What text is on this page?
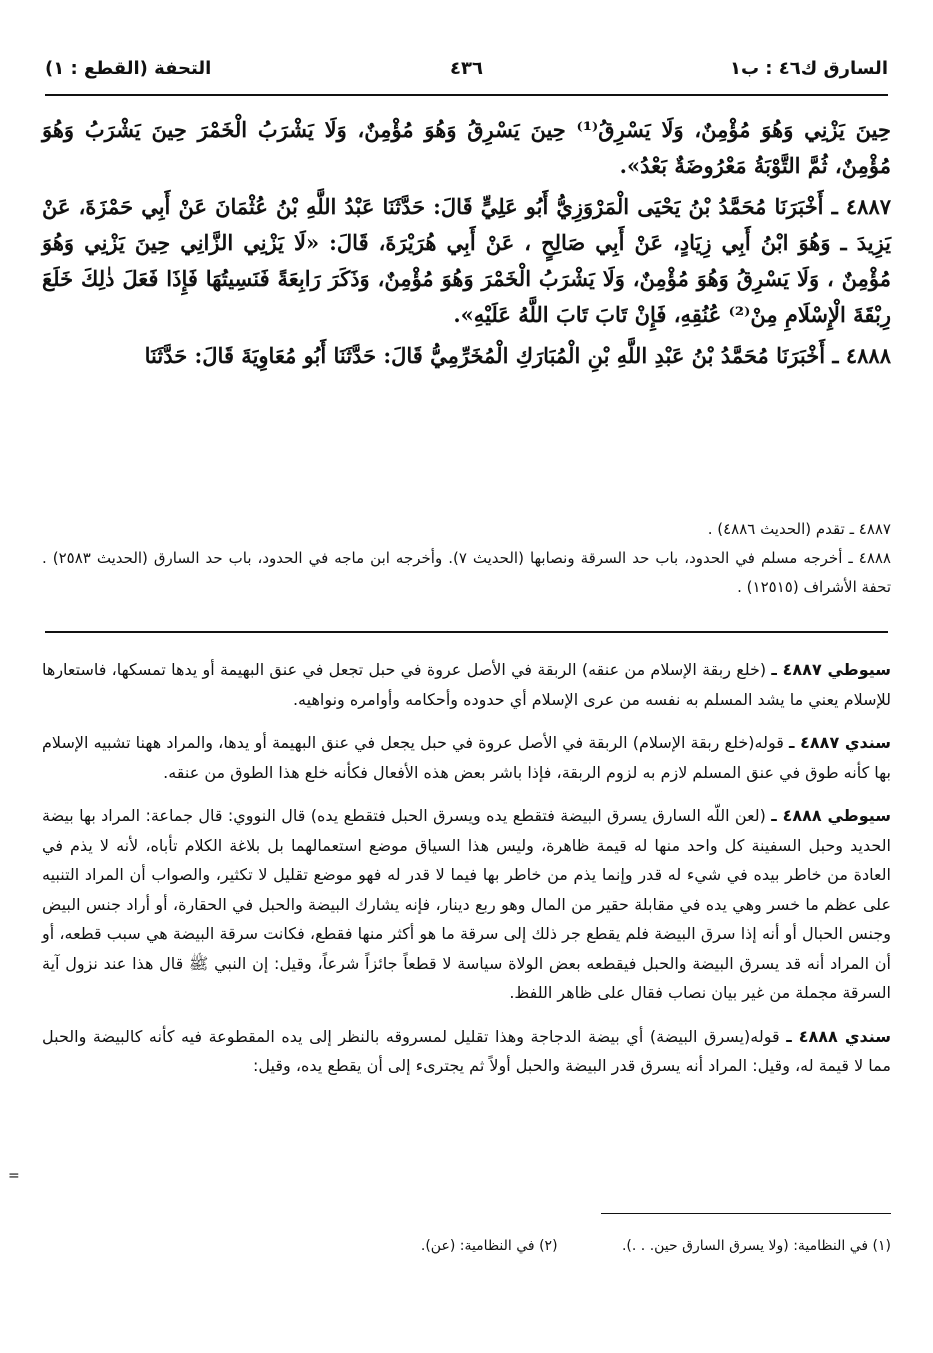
السارق ك٤٦ : ب١
٤٣٦
التحفة (القطع : ١)

حِينَ يَزْنِي وَهُوَ مُؤْمِنٌ، وَلَا يَسْرِقُ⁽¹⁾ حِينَ يَسْرِقُ وَهُوَ مُؤْمِنٌ، وَلَا يَشْرَبُ الْخَمْرَ حِينَ يَشْرَبُ وَهُوَ مُؤْمِنٌ، ثُمَّ التَّوْبَةُ مَعْرُوضَةٌ بَعْدُ».

٤٨٨٧ ـ أَخْبَرَنَا مُحَمَّدُ بْنُ يَحْيَى الْمَرْوَزِيُّ أَبُو عَلِيٍّ قَالَ: حَدَّثَنَا عَبْدُ اللَّهِ بْنُ عُثْمَانَ عَنْ أَبِي حَمْزَةَ، عَنْ يَزِيدَ ـ وَهُوَ ابْنُ أَبِي زِيَادٍ، عَنْ أَبِي صَالِحٍ ، عَنْ أَبِي هُرَيْرَةَ، قَالَ: «لَا يَزْنِي الزَّانِي حِينَ يَزْنِي وَهُوَ مُؤْمِنٌ ، وَلَا يَسْرِقُ وَهُوَ مُؤْمِنٌ، وَلَا يَشْرَبُ الْخَمْرَ وَهُوَ مُؤْمِنٌ، وَذَكَرَ رَابِعَةً فَنَسِيتُهَا فَإِذَا فَعَلَ ذٰلِكَ خَلَعَ رِبْقَةَ الْإِسْلَامِ مِنْ⁽²⁾ عُنُقِهِ، فَإِنْ تَابَ تَابَ اللَّهُ عَلَيْهِ».

٤٨٨٨ ـ أَخْبَرَنَا مُحَمَّدُ بْنُ عَبْدِ اللَّهِ بْنِ الْمُبَارَكِ الْمُخَرِّمِيُّ قَالَ: حَدَّثَنَا أَبُو مُعَاوِيَةَ قَالَ: حَدَّثَنَا

٤٨٨٧ ـ تقدم (الحديث ٤٨٨٦) .
٤٨٨٨ ـ أخرجه مسلم في الحدود، باب حد السرقة ونصابها (الحديث ٧). وأخرجه ابن ماجه في الحدود، باب حد السارق (الحديث ٢٥٨٣) . تحفة الأشراف (١٢٥١٥) .

سيوطي ٤٨٨٧ ـ (خلع ربقة الإسلام من عنقه) الربقة في الأصل عروة في حبل تجعل في عنق البهيمة أو يدها تمسكها، فاستعارها للإسلام يعني ما يشد المسلم به نفسه من عرى الإسلام أي حدوده وأحكامه وأوامره ونواهيه.

سندي ٤٨٨٧ ـ قوله(خلع ربقة الإسلام) الربقة في الأصل عروة في حبل يجعل في عنق البهيمة أو يدها، والمراد ههنا تشبيه الإسلام بها كأنه طوق في عنق المسلم لازم به لزوم الربقة، فإذا باشر بعض هذه الأفعال فكأنه خلع هذا الطوق من عنقه.

سيوطي ٤٨٨٨ ـ (لعن اللّه السارق يسرق البيضة فتقطع يده ويسرق الحبل فتقطع يده) قال النووي: قال جماعة: المراد بها بيضة الحديد وحبل السفينة كل واحد منها له قيمة ظاهرة، وليس هذا السياق موضع استعمالهما بل بلاغة الكلام تأباه، لأنه لا يذم في العادة من خاطر بيده في شيء له قدر وإنما يذم من خاطر بها فيما لا قدر له فهو موضع تقليل لا تكثير، والصواب أن المراد التنبيه على عظم ما خسر وهي يده في مقابلة حقير من المال وهو ربع دينار، فإنه يشارك البيضة والحبل في الحقارة، أو أراد جنس البيض وجنس الحبال أو أنه إذا سرق البيضة فلم يقطع جر ذلك إلى سرقة ما هو أكثر منها فقطع، فكانت سرقة البيضة هي سبب قطعه، أو أن المراد أنه قد يسرق البيضة والحبل فيقطعه بعض الولاة سياسة لا قطعاً جائزاً شرعاً، وقيل: إن النبي ﷺ قال هذا عند نزول آية السرقة مجملة من غير بيان نصاب فقال على ظاهر اللفظ.

سندي ٤٨٨٨ ـ قوله(يسرق البيضة) أي بيضة الدجاجة وهذا تقليل لمسروقه بالنظر إلى يده المقطوعة فيه كأنه كالبيضة والحبل مما لا قيمة له، وقيل: المراد أنه يسرق قدر البيضة والحبل أولاً ثم يجترىء إلى أن يقطع يده، وقيل:

(١) في النظامية: (ولا يسرق السارق حين. . .). (٢) في النظامية: (عن).
=
